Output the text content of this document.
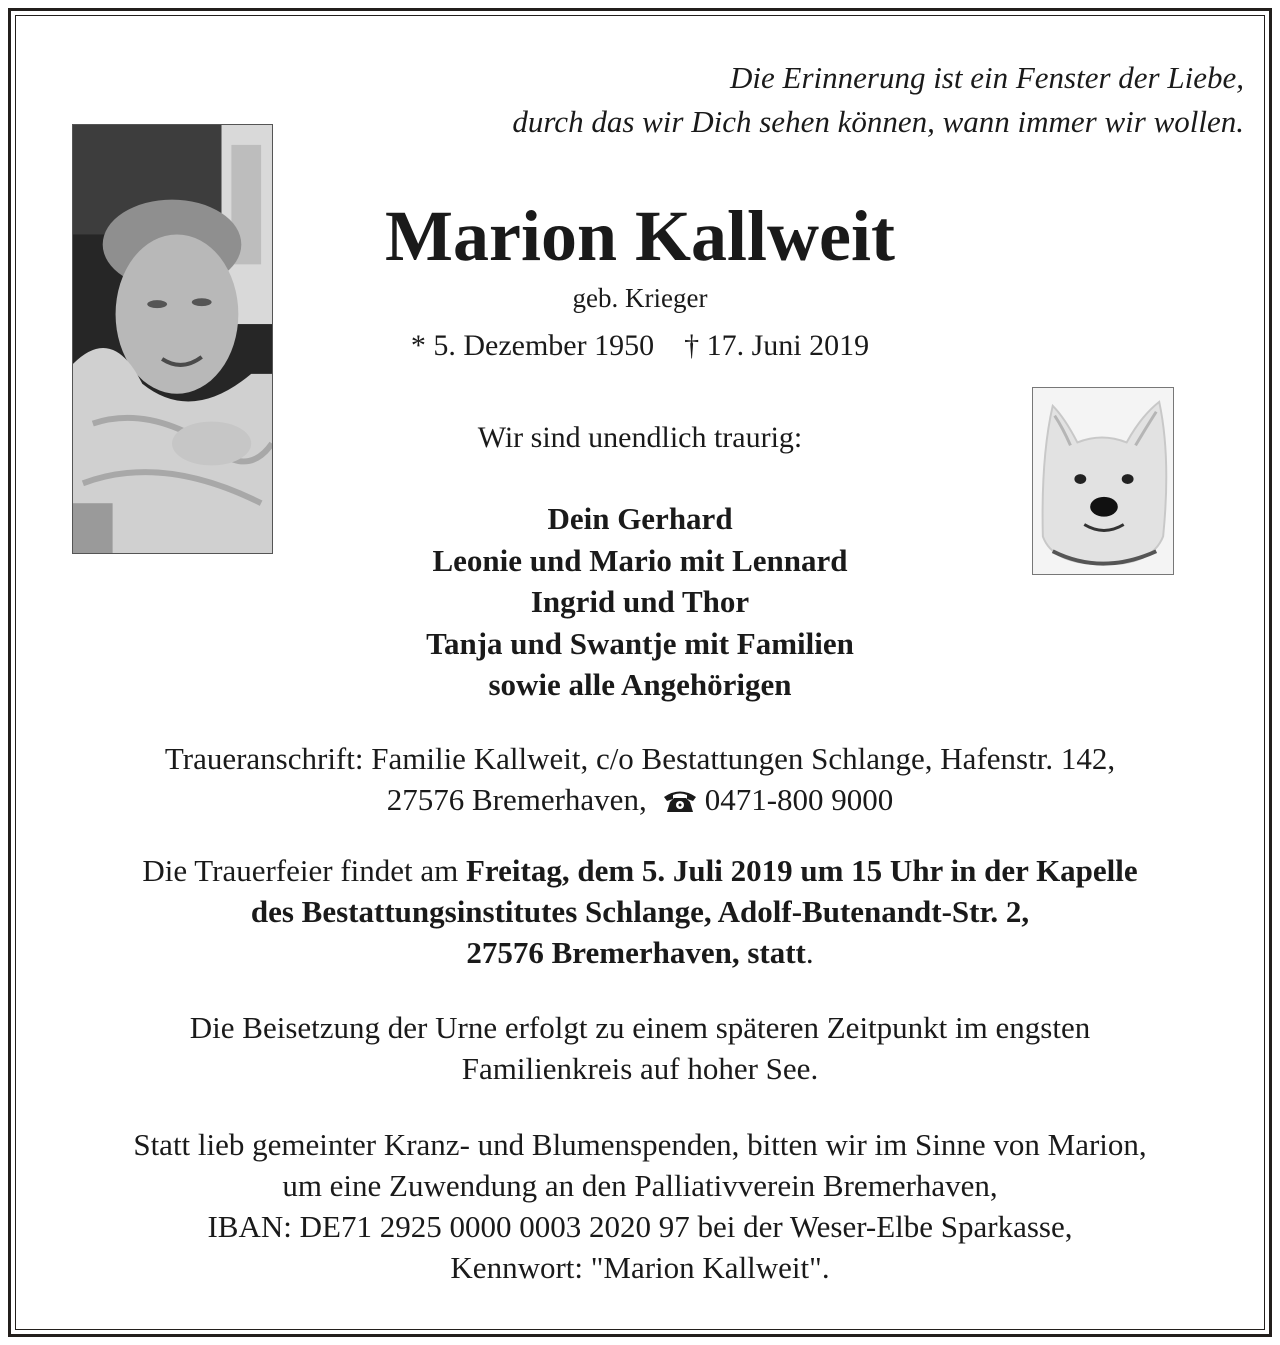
Die Erinnerung ist ein Fenster der Liebe,
durch das wir Dich sehen können, wann immer wir wollen.
Marion Kallweit
geb. Krieger
* 5. Dezember 1950 † 17. Juni 2019
Wir sind unendlich traurig:
Dein Gerhard
Leonie und Mario mit Lennard
Ingrid und Thor
Tanja und Swantje mit Familien
sowie alle Angehörigen
Traueranschrift: Familie Kallweit, c/o Bestattungen Schlange, Hafenstr. 142,
27576 Bremerhaven, 0471-800 9000
Die Trauerfeier findet am Freitag, dem 5. Juli 2019 um 15 Uhr in der Kapelle
des Bestattungsinstitutes Schlange, Adolf-Butenandt-Str. 2,
27576 Bremerhaven, statt.
Die Beisetzung der Urne erfolgt zu einem späteren Zeitpunkt im engsten
Familienkreis auf hoher See.
Statt lieb gemeinter Kranz- und Blumenspenden, bitten wir im Sinne von Marion,
um eine Zuwendung an den Palliativverein Bremerhaven,
IBAN: DE71 2925 0000 0003 2020 97 bei der Weser-Elbe Sparkasse,
Kennwort: "Marion Kallweit".
